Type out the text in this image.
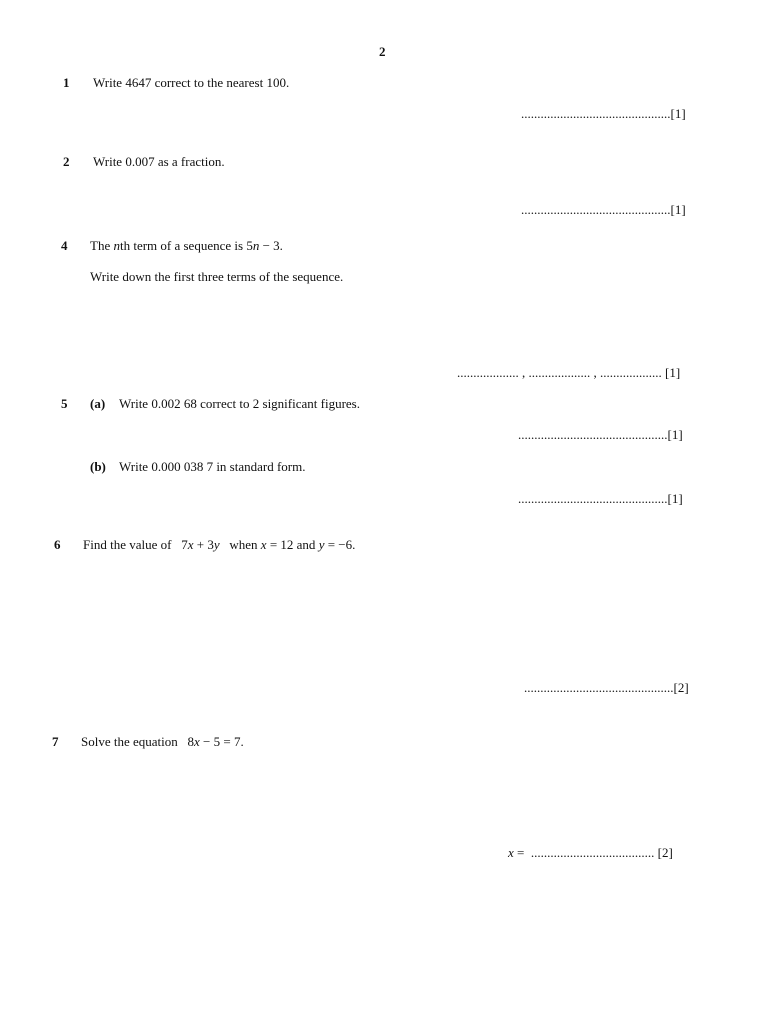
2
1 Write 4647 correct to the nearest 100.
..............................................[1]
2 Write 0.007 as a fraction.
..............................................[1]
4 The nth term of a sequence is 5n − 3.
Write down the first three terms of the sequence.
................... , ................... , ................... [1]
5 (a) Write 0.002 68 correct to 2 significant figures.
..............................................[1]
(b) Write 0.000 038 7 in standard form.
..............................................[1]
6 Find the value of 7x + 3y when x = 12 and y = −6.
..............................................[2]
7 Solve the equation 8x − 5 = 7.
x = ...................................... [2]
